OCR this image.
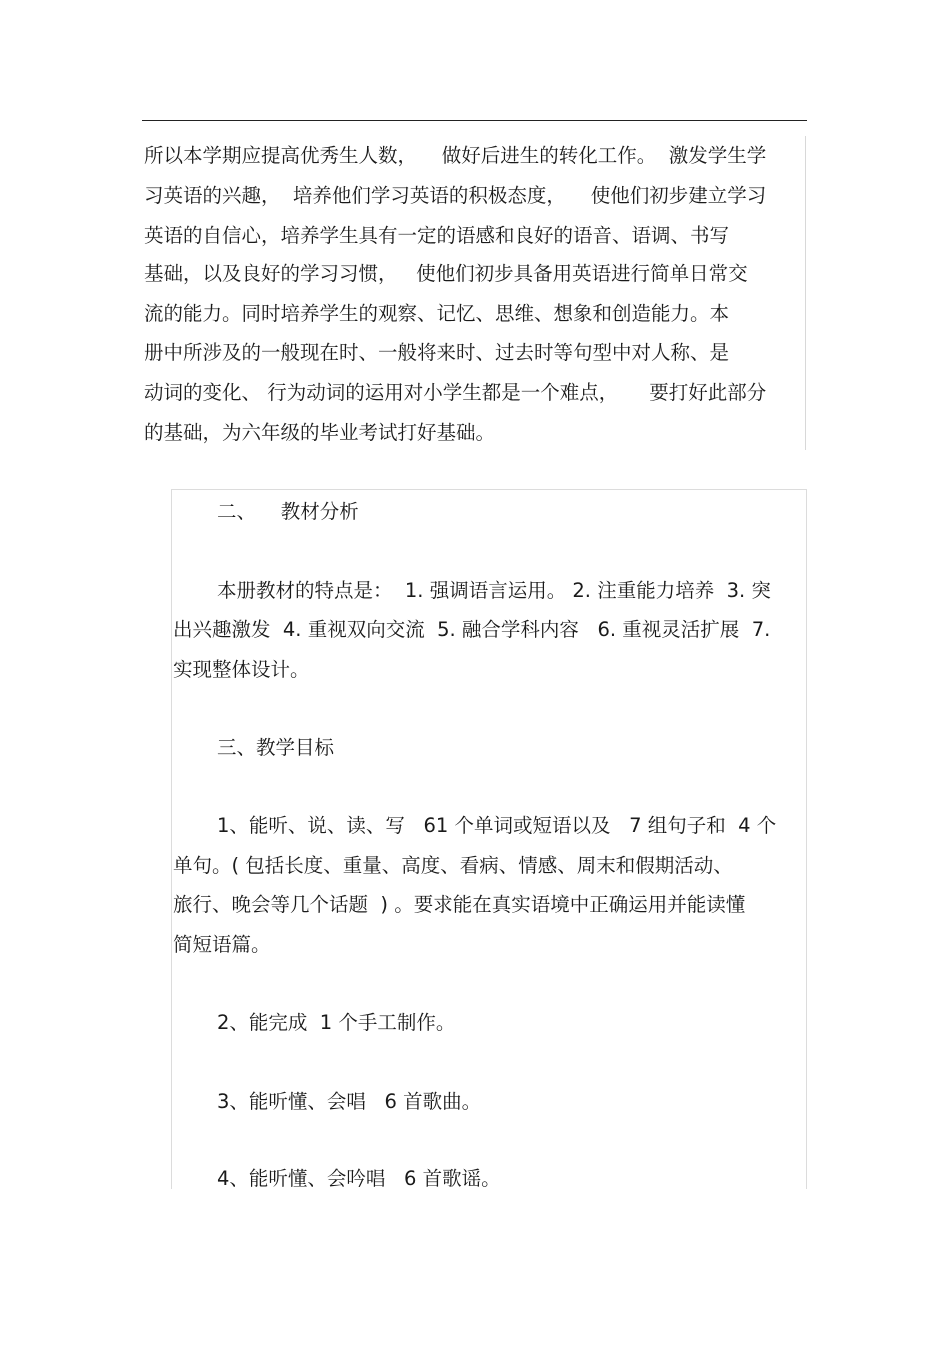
所以本学期应提高优秀生人数，    做好后进生的转化工作。  激发学生学
习英语的兴趣，  培养他们学习英语的积极态度，    使他们初步建立学习
英语的自信心，培养学生具有一定的语感和良好的语音、语调、书写
基础，以及良好的学习习惯，   使他们初步具备用英语进行简单日常交
流的能力。同时培养学生的观察、记忆、思维、想象和创造能力。本
册中所涉及的一般现在时、一般将来时、过去时等句型中对人称、是
动词的变化、 行为动词的运用对小学生都是一个难点，     要打好此部分
的基础，为六年级的毕业考试打好基础。
二、    教材分析
本册教材的特点是：  1. 强调语言运用。 2. 注重能力培养  3. 突
出兴趣激发  4. 重视双向交流  5. 融合学科内容   6. 重视灵活扩展  7.
实现整体设计。
三、教学目标
1、能听、说、读、写   61 个单词或短语以及   7 组句子和  4 个
单句。( 包括长度、重量、高度、看病、情感、周末和假期活动、
旅行、晚会等几个话题  ) 。要求能在真实语境中正确运用并能读懂
简短语篇。
2、能完成  1 个手工制作。
3、能听懂、会唱   6 首歌曲。
4、能听懂、会吟唱   6 首歌谣。
